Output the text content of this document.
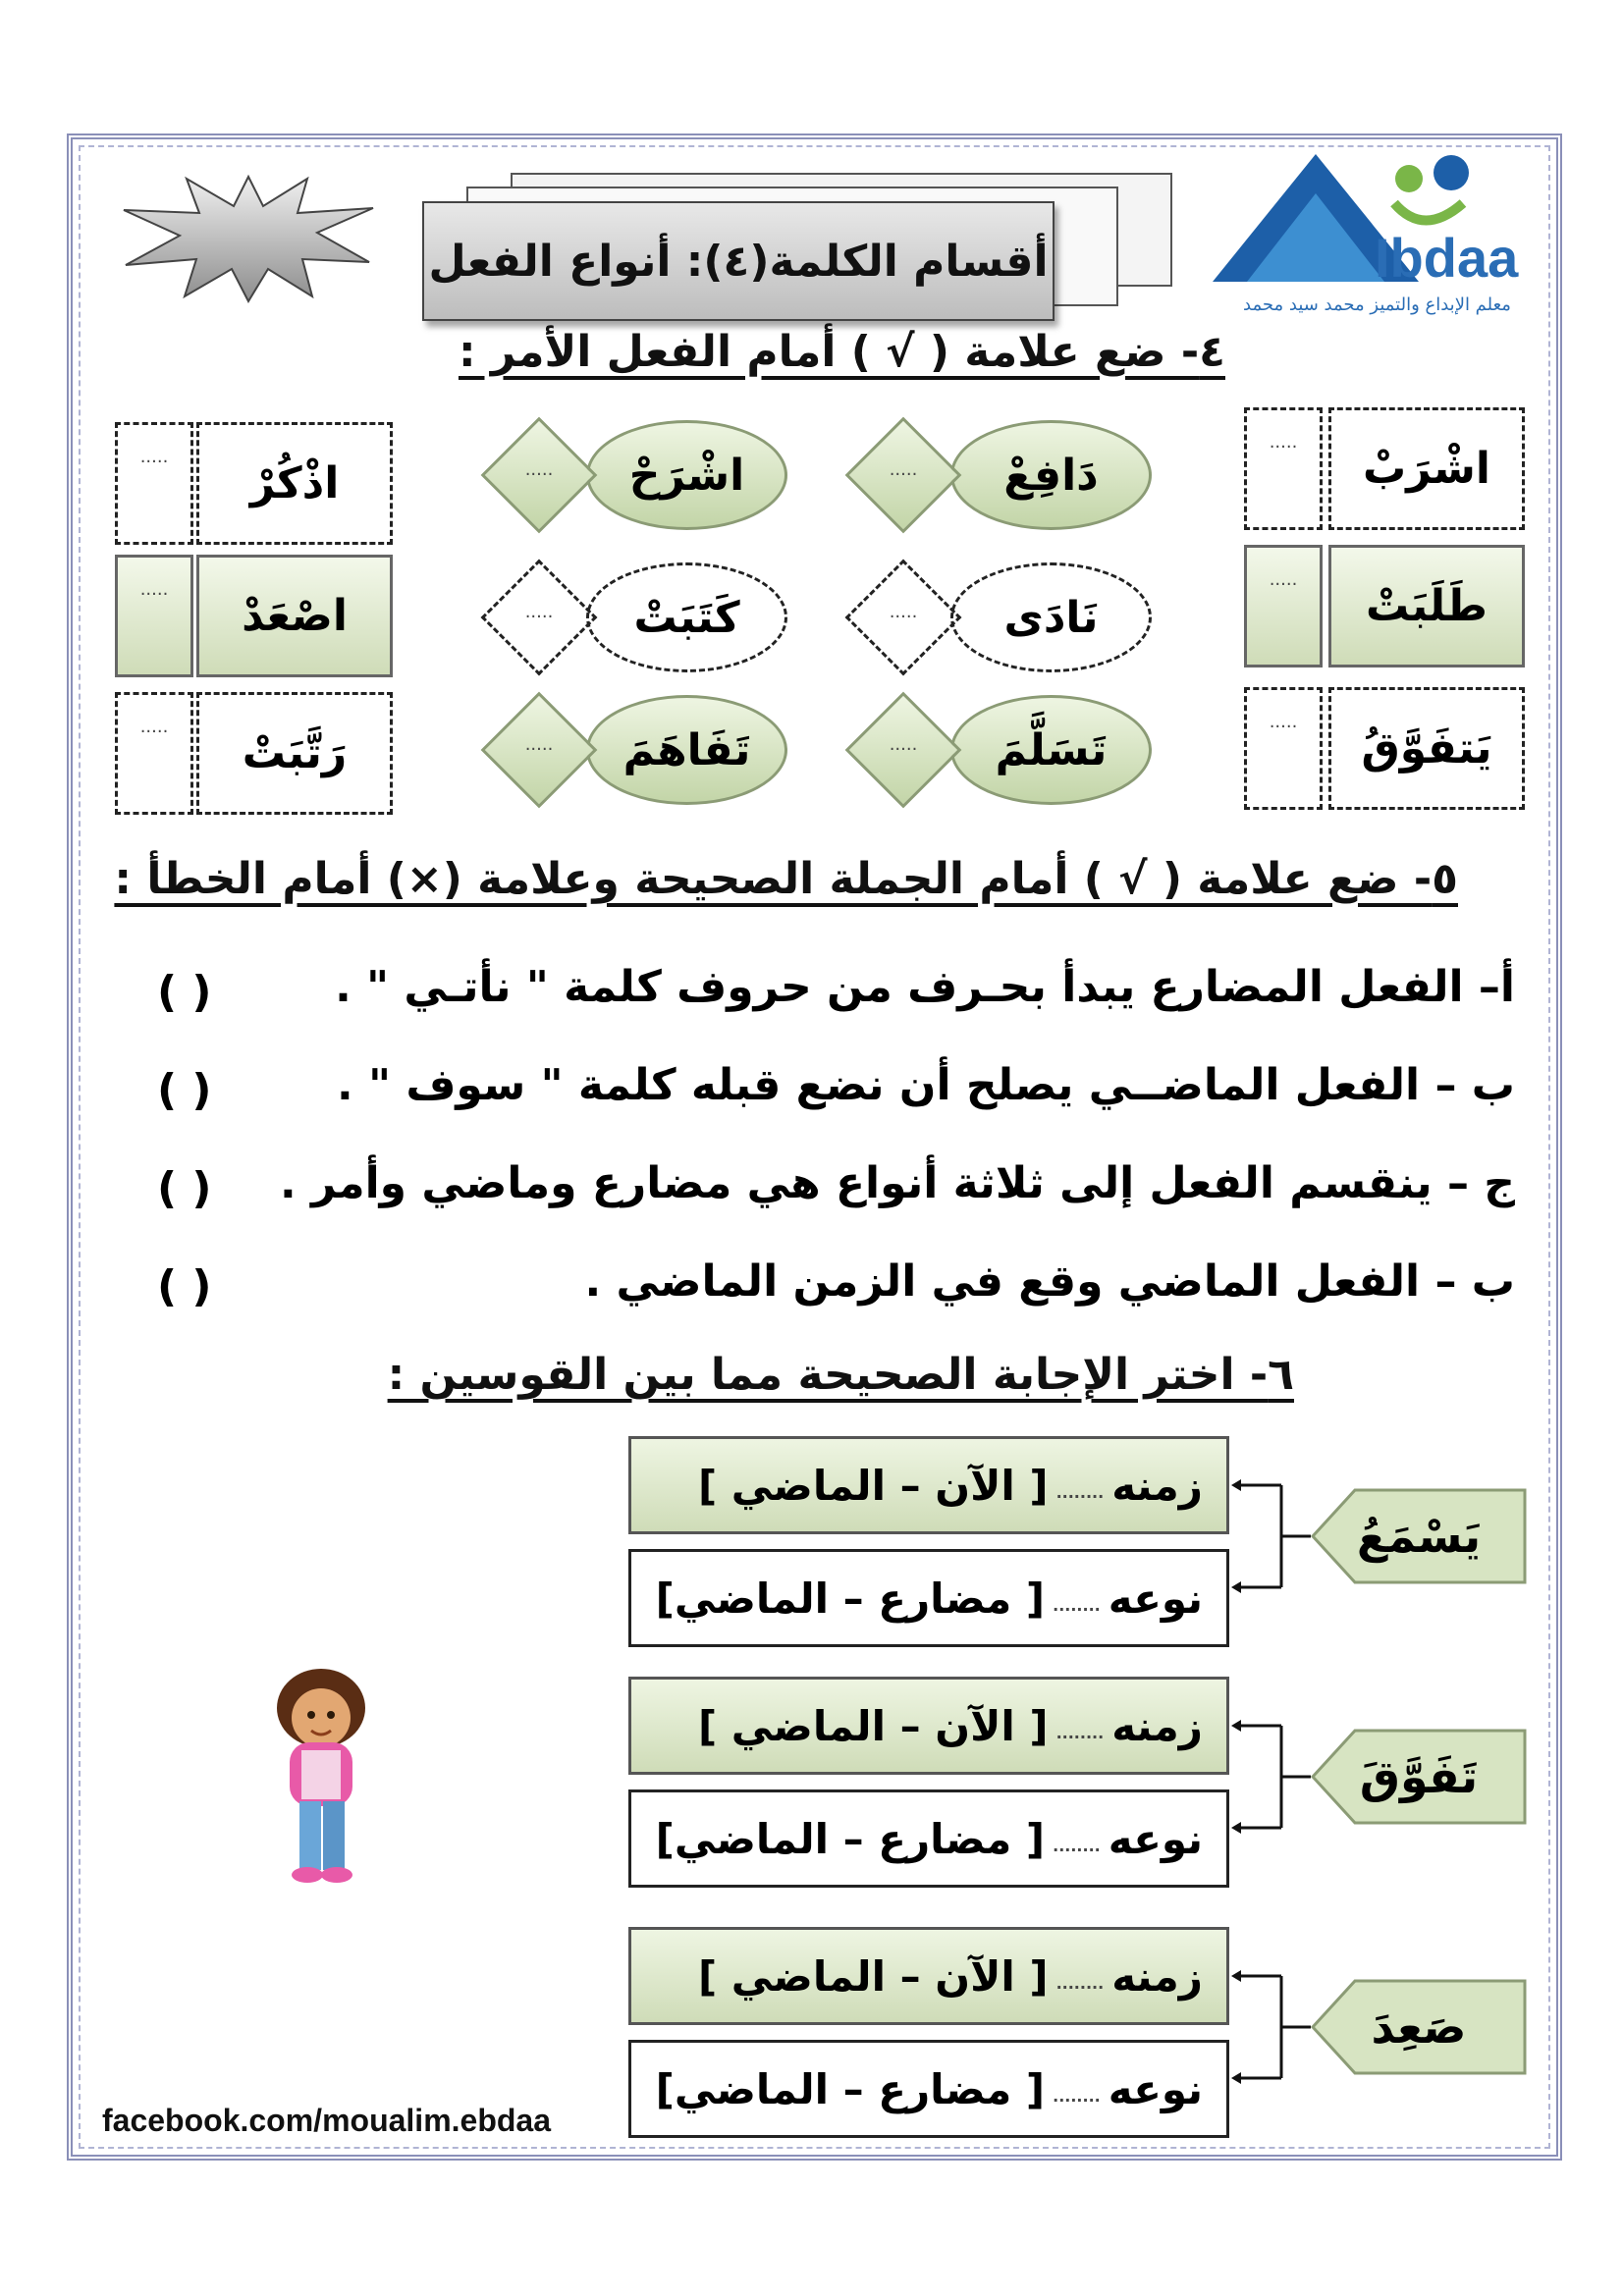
أقسام الكلمة(٤): أنواع الفعل	Ibdaa
معلم الإبداع والتميز محمد سيد محمد
٤- ضع علامة ( √ ) أمام الفعل الأمر :
اشْرَبْ
.....
طَلَبَتْ
.....
يَتفَوَّقُ
.....
دَافِعْ
.....
نَادَى
.....
تَسَلَّمَ
.....
اشْرَحْ
.....
كَتَبَتْ
.....
تَفَاهَمَ
.....
اذْكُرْ
.....
اصْعَدْ
.....
رَتَّبَتْ
.....
٥- ضع علامة ( √ ) أمام الجملة الصحيحة وعلامة (×) أمام الخطأ :
أ– الفعل المضارع يبدأ بحـرف من حروف كلمة " نأتـي " .
( )
ب – الفعل الماضــي يصلح أن نضع قبله كلمة " سوف " .
( )
ج – ينقسم الفعل إلى ثلاثة أنواع هي مضارع وماضي وأمر .
( )
ب – الفعل الماضي وقع في الزمن الماضي .
( )
٦- اختر الإجابة الصحيحة مما بين القوسين :
زمنه
........
[ الآن – الماضي ]
نوعه
........
[ مضارع – الماضي]
يَسْمَعُ
زمنه
........
[ الآن – الماضي ]
نوعه
........
[ مضارع – الماضي]
تَفَوَّقَ
زمنه
........
[ الآن – الماضي ]
نوعه
........
[ مضارع – الماضي]
صَعِدَ
facebook.com/moualim.ebdaa
